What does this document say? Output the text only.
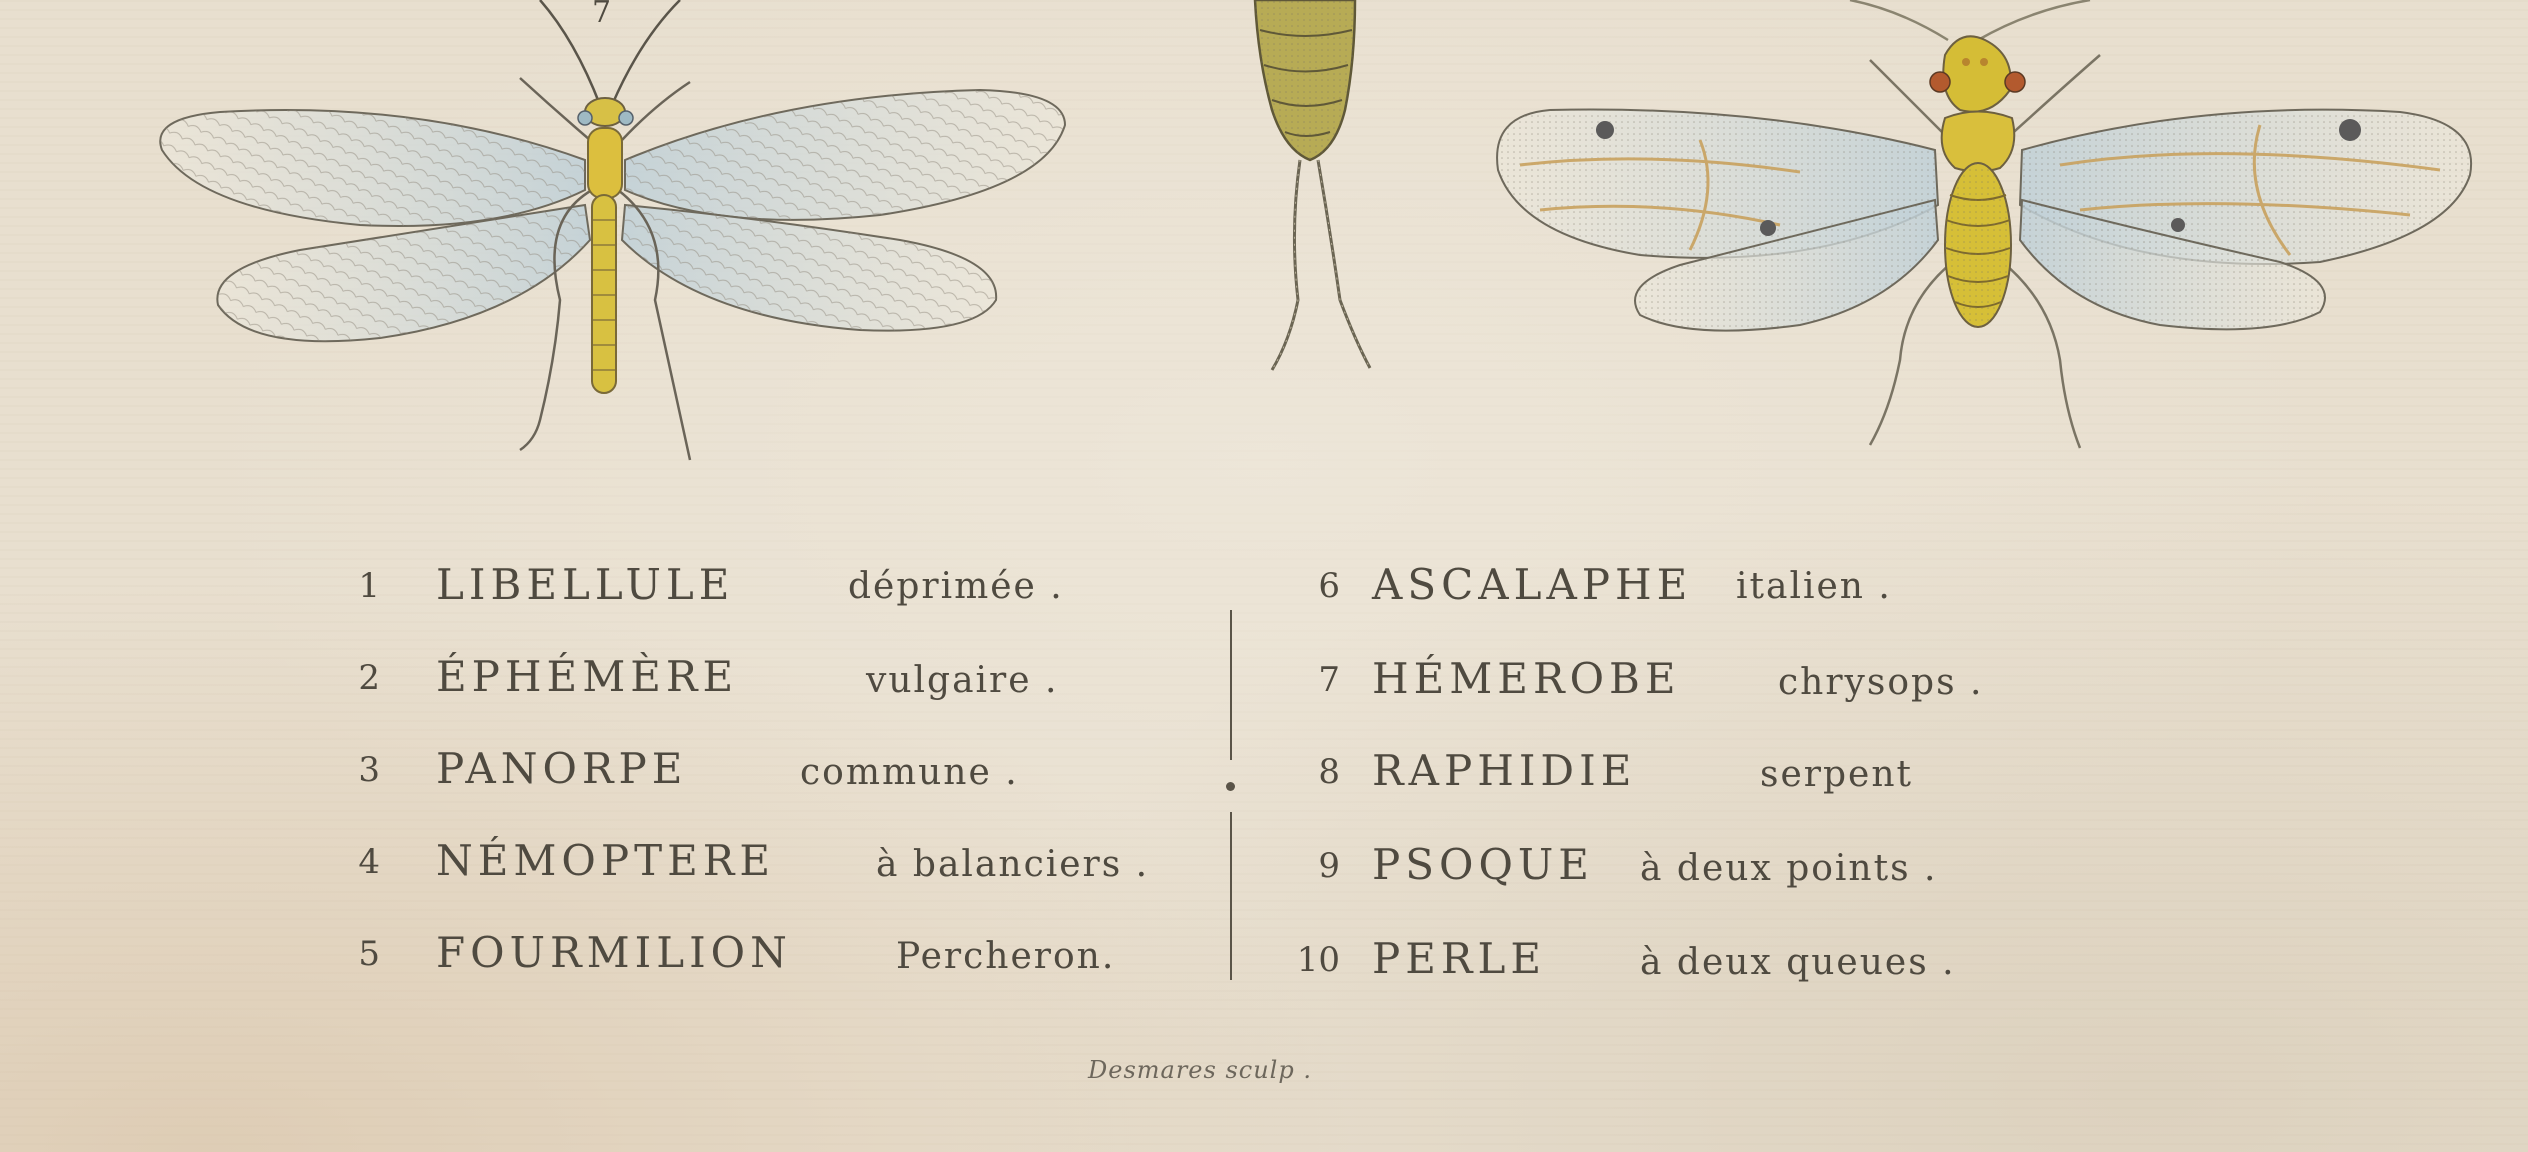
7
1 LIBELLULE	déprimée .
2 ÉPHÉMÈRE	vulgaire .
3 PANORPE	commune .
4 NÉMOPTERE	à balanciers .
5 FOURMILION	Percheron.
6 ASCALAPHE italien .
7 HÉMEROBE	chrysops .
8 RAPHIDIE	serpent
9 PSOQUE à deux points .
10 PERLE	à deux queues .
Desmares sculp .
